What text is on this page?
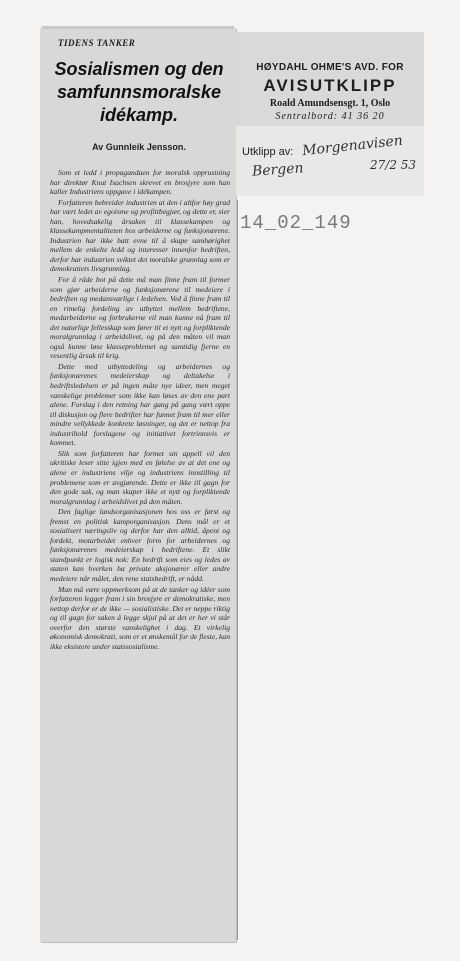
TIDENS TANKER
Sosialismen og den samfunnsmoralske idékamp.
Av Gunnleik Jensson.

Som et ledd i propagandaen for moralsk opprustning har direktør Knut Isachsen skrevet en brosjyre som han kaller Industriens oppgave i idékampen.

Forfatteren bebreider industrien at den i altfor høy grad har vært ledet av egoisme og profittbegjær, og dette er, sier han, hovedsakelig årsaken til klassekampen og klassekampmentaliteten hos arbeiderne og funksjonærene. Industrien har ikke hatt evne til å skape samhørighet mellem de enkelte ledd og interesser innenfor bedriften, derfor har industrien sviktet det moralske grunnlag som er demokratiets livsgrunnlag.

For å råde bot på dette må man finne fram til former som gjør arbeiderne og funksjonærene til medeiere i bedriften og medansvarlige i ledelsen. Ved å finne fram til en rimelig fordeling av utbyttet mellem bedriftene, medarbeiderne og forbrukerne vil man kunne nå fram til det naturlige fellesskap som fører til et nytt og forpliktende moralgrunnlag i arbeidslivet, og på den måten vil man også kunne løse klasseproblemet og samtidig fjerne en vesentlig årsak til krig.

Dette med utbyttedeling og arbeidernes og funksjonærenes medeierskap og deltakelse i bedriftsledelsen er på ingen måte nye ideer, men meget vanskelige problemer som ikke kan løses av den ene part alene. Forslag i den retning har gang på gang vært oppe til diskusjon og flere bedrifter har funnet fram til mer eller mindre vellykkede konkrete løsninger, og det er nettop fra industrihold forslagene og initiativet fortrinnsvis er kommet.

Slik som forfatteren har formet sin appell vil den ukritiske leser sitte igjen med en følelse av at det ene og alene er industriens vilje og industriens innstilling til problemene som er avgjørende. Dette er ikke til gagn for den gode sak, og man skaper ikke et nytt og forpliktende moralgrunnlag i arbeidslivet på den måten.

Den faglige landsorganisasjonen hos oss er først og fremst en politisk kamporganisasjon. Dens mål er et sosialisert næringsliv og derfor har den alltid, åpent og fordekt, motarbeidet enhver form for arbeidernes og funksjonærenes medeierskap i bedriftene. Et slikt standpunkt er logisk nok: En bedrift som eies og ledes av staten kan hverken ha private aksjonærer eller andre medeiere når målet, den rene statsbedrift, er nådd.

Man må være oppmerksom på at de tanker og idéer som forfatteren legger fram i sin brosjyre er demokratiske, men nettop derfor er de ikke — sosialistiske. Det er neppe riktig og til gagn for saken å legge skjul på at det er her vi står overfor den største vanskelighet i dag. Et virkelig økonomisk demokrati, som er et ønskemål for de fleste, kan ikke eksistere under statssosialisme.

HØYDAHL OHME'S AVD. FOR
AVISUTKLIPP
Roald Amundsensgt. 1, Oslo
Sentralbord: 41 36 20
Utklipp av: Morgenavisen
Bergen	27/2 53
14_02_149
